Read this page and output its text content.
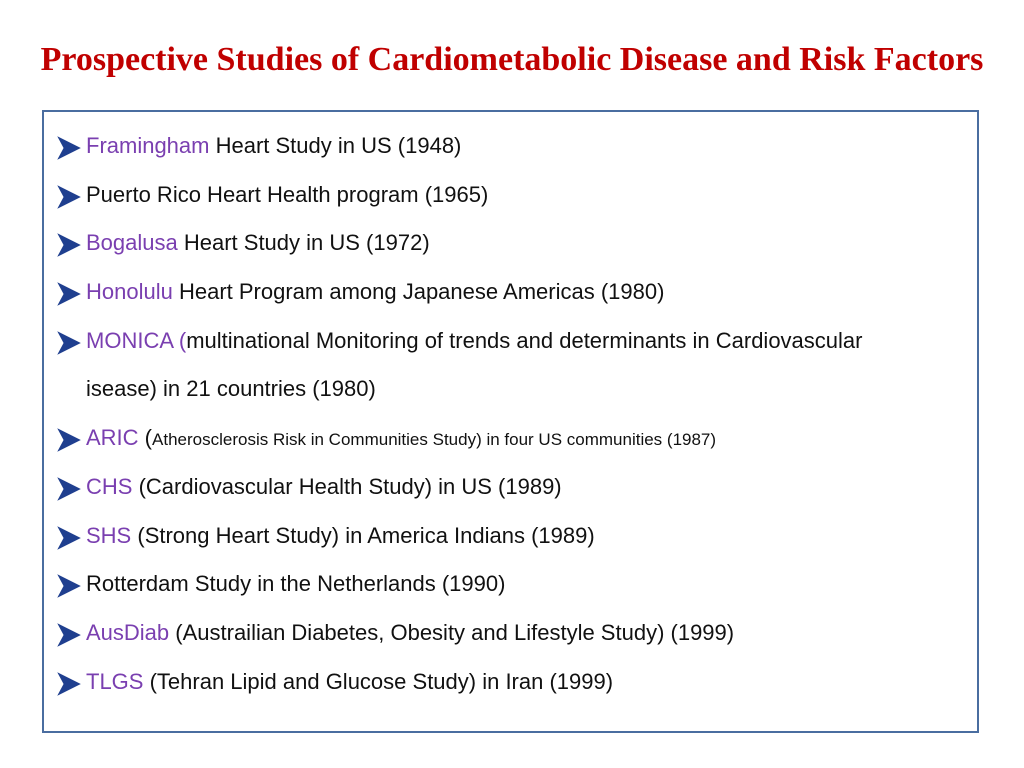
Prospective Studies of Cardiometabolic Disease and Risk Factors
Framingham Heart Study in US (1948)
Puerto Rico Heart Health program (1965)
Bogalusa Heart Study in US (1972)
Honolulu Heart Program among Japanese Americas (1980)
MONICA (multinational Monitoring of trends and determinants in Cardiovascular
isease) in 21 countries (1980)
ARIC (Atherosclerosis Risk in Communities Study) in four US communities (1987)
CHS (Cardiovascular Health Study) in US (1989)
SHS (Strong Heart Study) in America Indians (1989)
Rotterdam Study in the Netherlands (1990)
AusDiab (Austrailian Diabetes, Obesity and Lifestyle Study) (1999)
TLGS (Tehran Lipid and Glucose Study) in Iran (1999)
